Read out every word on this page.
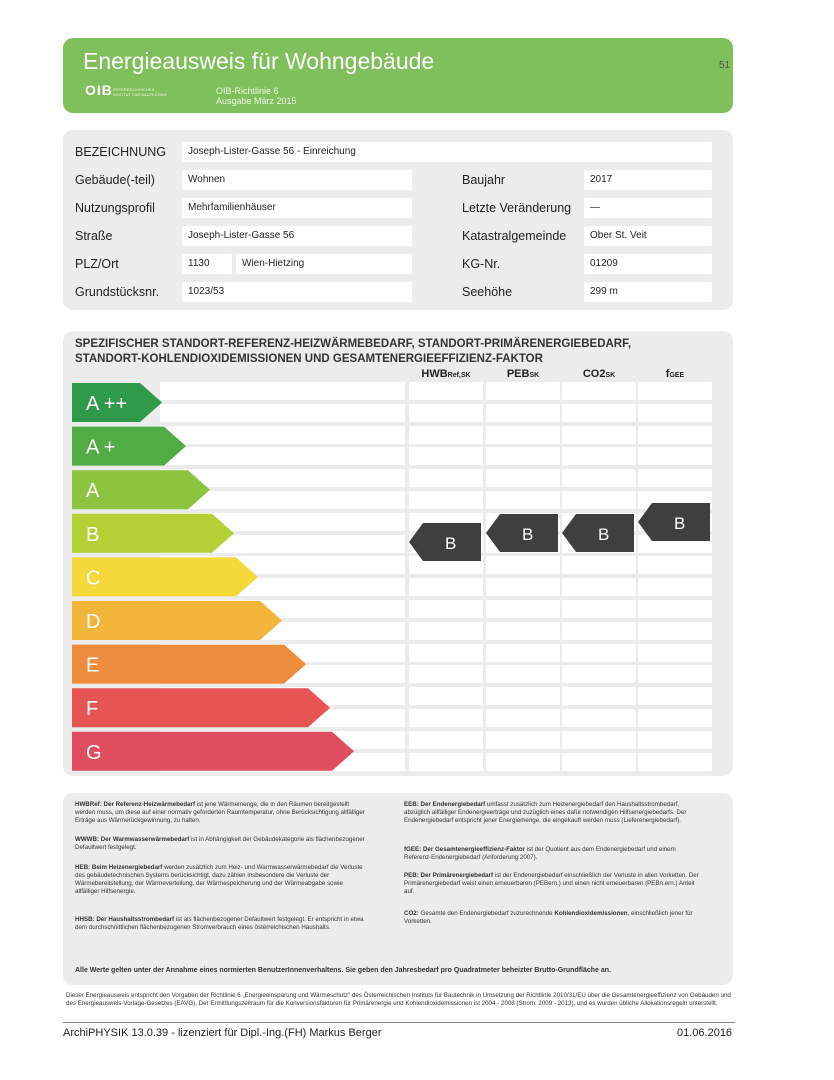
Energieausweis für Wohngebäude
OIB ÖSTERREICHISCHES INSTITUT FÜR BAUTECHNIK	OIB-Richtlinie 6
Ausgabe März 2015
51
BEZEICHNUNG	Joseph-Lister-Gasse 56 - Einreichung
Gebäude(-teil)	Wohnen	Baujahr	2017
Nutzungsprofil	Mehrfamilienhäuser	Letzte Veränderung	—
Straße	Joseph-Lister-Gasse 56	Katastralgemeinde	Ober St. Veit
PLZ/Ort	1130	Wien-Hietzing	KG-Nr.	01209
Grundstücksnr.	1023/53	Seehöhe	299 m
SPEZIFISCHER STANDORT-REFERENZ-HEIZWÄRMEBEDARF, STANDORT-PRIMÄRENERGIEBEDARF,
STANDORT-KOHLENDIOXIDEMISSIONEN UND GESAMTENERGIEEFFIZIENZ-FAKTOR
HWBRef,SK	PEBSK	CO2SK	fGEE
A ++
A +
A
B
C
D
E
F
G
B	B	B
B
HWBRef: Der Referenz-Heizwärmebedarf ist jene Wärmemenge, die in den Räumen bereitgestellt werden muss, um diese auf einer normativ geforderten Raumtemperatur, ohne Berücksichtigung allfälliger Erträge aus Wärmerückgewinnung, zu halten.
WWWB: Der Warmwasserwärmebedarf ist in Abhängigkeit der Gebäudekategorie als flächenbezogener Defaultwert festgelegt.
HEB: Beim Heizenergiebedarf werden zusätzlich zum Heiz- und Warmwasserwärmebedarf die Verluste des gebäudetechnischen Systems berücksichtigt, dazu zählen insbesondere die Verluste der Wärmebereitstellung, der Wärmeverteilung, der Wärmespeicherung und der Wärmeabgabe sowie allfälliger Hilfsenergie.
HHSB: Der Haushaltsstrombedarf ist als flächenbezogener Defaultwert festgelegt. Er entspricht in etwa dem durchschnittlichen flächenbezogenen Stromverbrauch eines österreichischen Haushalts.
EEB: Der Endenergiebedarf umfasst zusätzlich zum Heizenergiebedarf den Haushaltsstrombedarf, abzüglich allfälliger Endenergieerträge und zuzüglich eines dafür notwendigen Hilfsenergiebedarfs. Der Endenergiebedarf entspricht jener Energiemenge, die eingekauft werden muss (Lieferenergiebedarf).
fGEE: Der Gesamtenergieeffizienz-Faktor ist der Quotient aus dem Endenergiebedarf und einem Referenz-Endenergiebedarf (Anforderung 2007).
PEB: Der Primärenergiebedarf ist der Endenergiebedarf einschließlich der Verluste in allen Vorketten. Der Primärenergiebedarf weist einen erneuerbaren (PEBern.) und einen nicht erneuerbaren (PEBn.ern.) Anteil auf.
CO2: Gesamte den Endenergiebedarf zuzurechnende Kohlendioxidemissionen, einschließlich jener für Vorketten.
Alle Werte gelten unter der Annahme eines normierten BenutzerInnenverhaltens. Sie geben den Jahresbedarf pro Quadratmeter beheizter Brutto-Grundfläche an.
Dieser Energieausweis entspricht den Vorgaben der Richtlinie 6 „Energieeinsparung und Wärmeschutz" des Österreichischen Instituts für Bautechnik in Umsetzung der Richtlinie 2010/31/EU über die Gesamtenergieeffizienz von Gebäuden und des Energieausweis-Vorlage-Gesetzes (EAVG). Der Ermittlungszeitraum für die Konversionsfaktoren für Primärenergie und Kohlendioxidemissionen ist 2004 - 2008 (Strom: 2009 - 2013), und es wurden übliche Allokationsregeln unterstellt.
ArchiPHYSIK 13.0.39 - lizenziert für Dipl.-Ing.(FH) Markus Berger	01.06.2016
